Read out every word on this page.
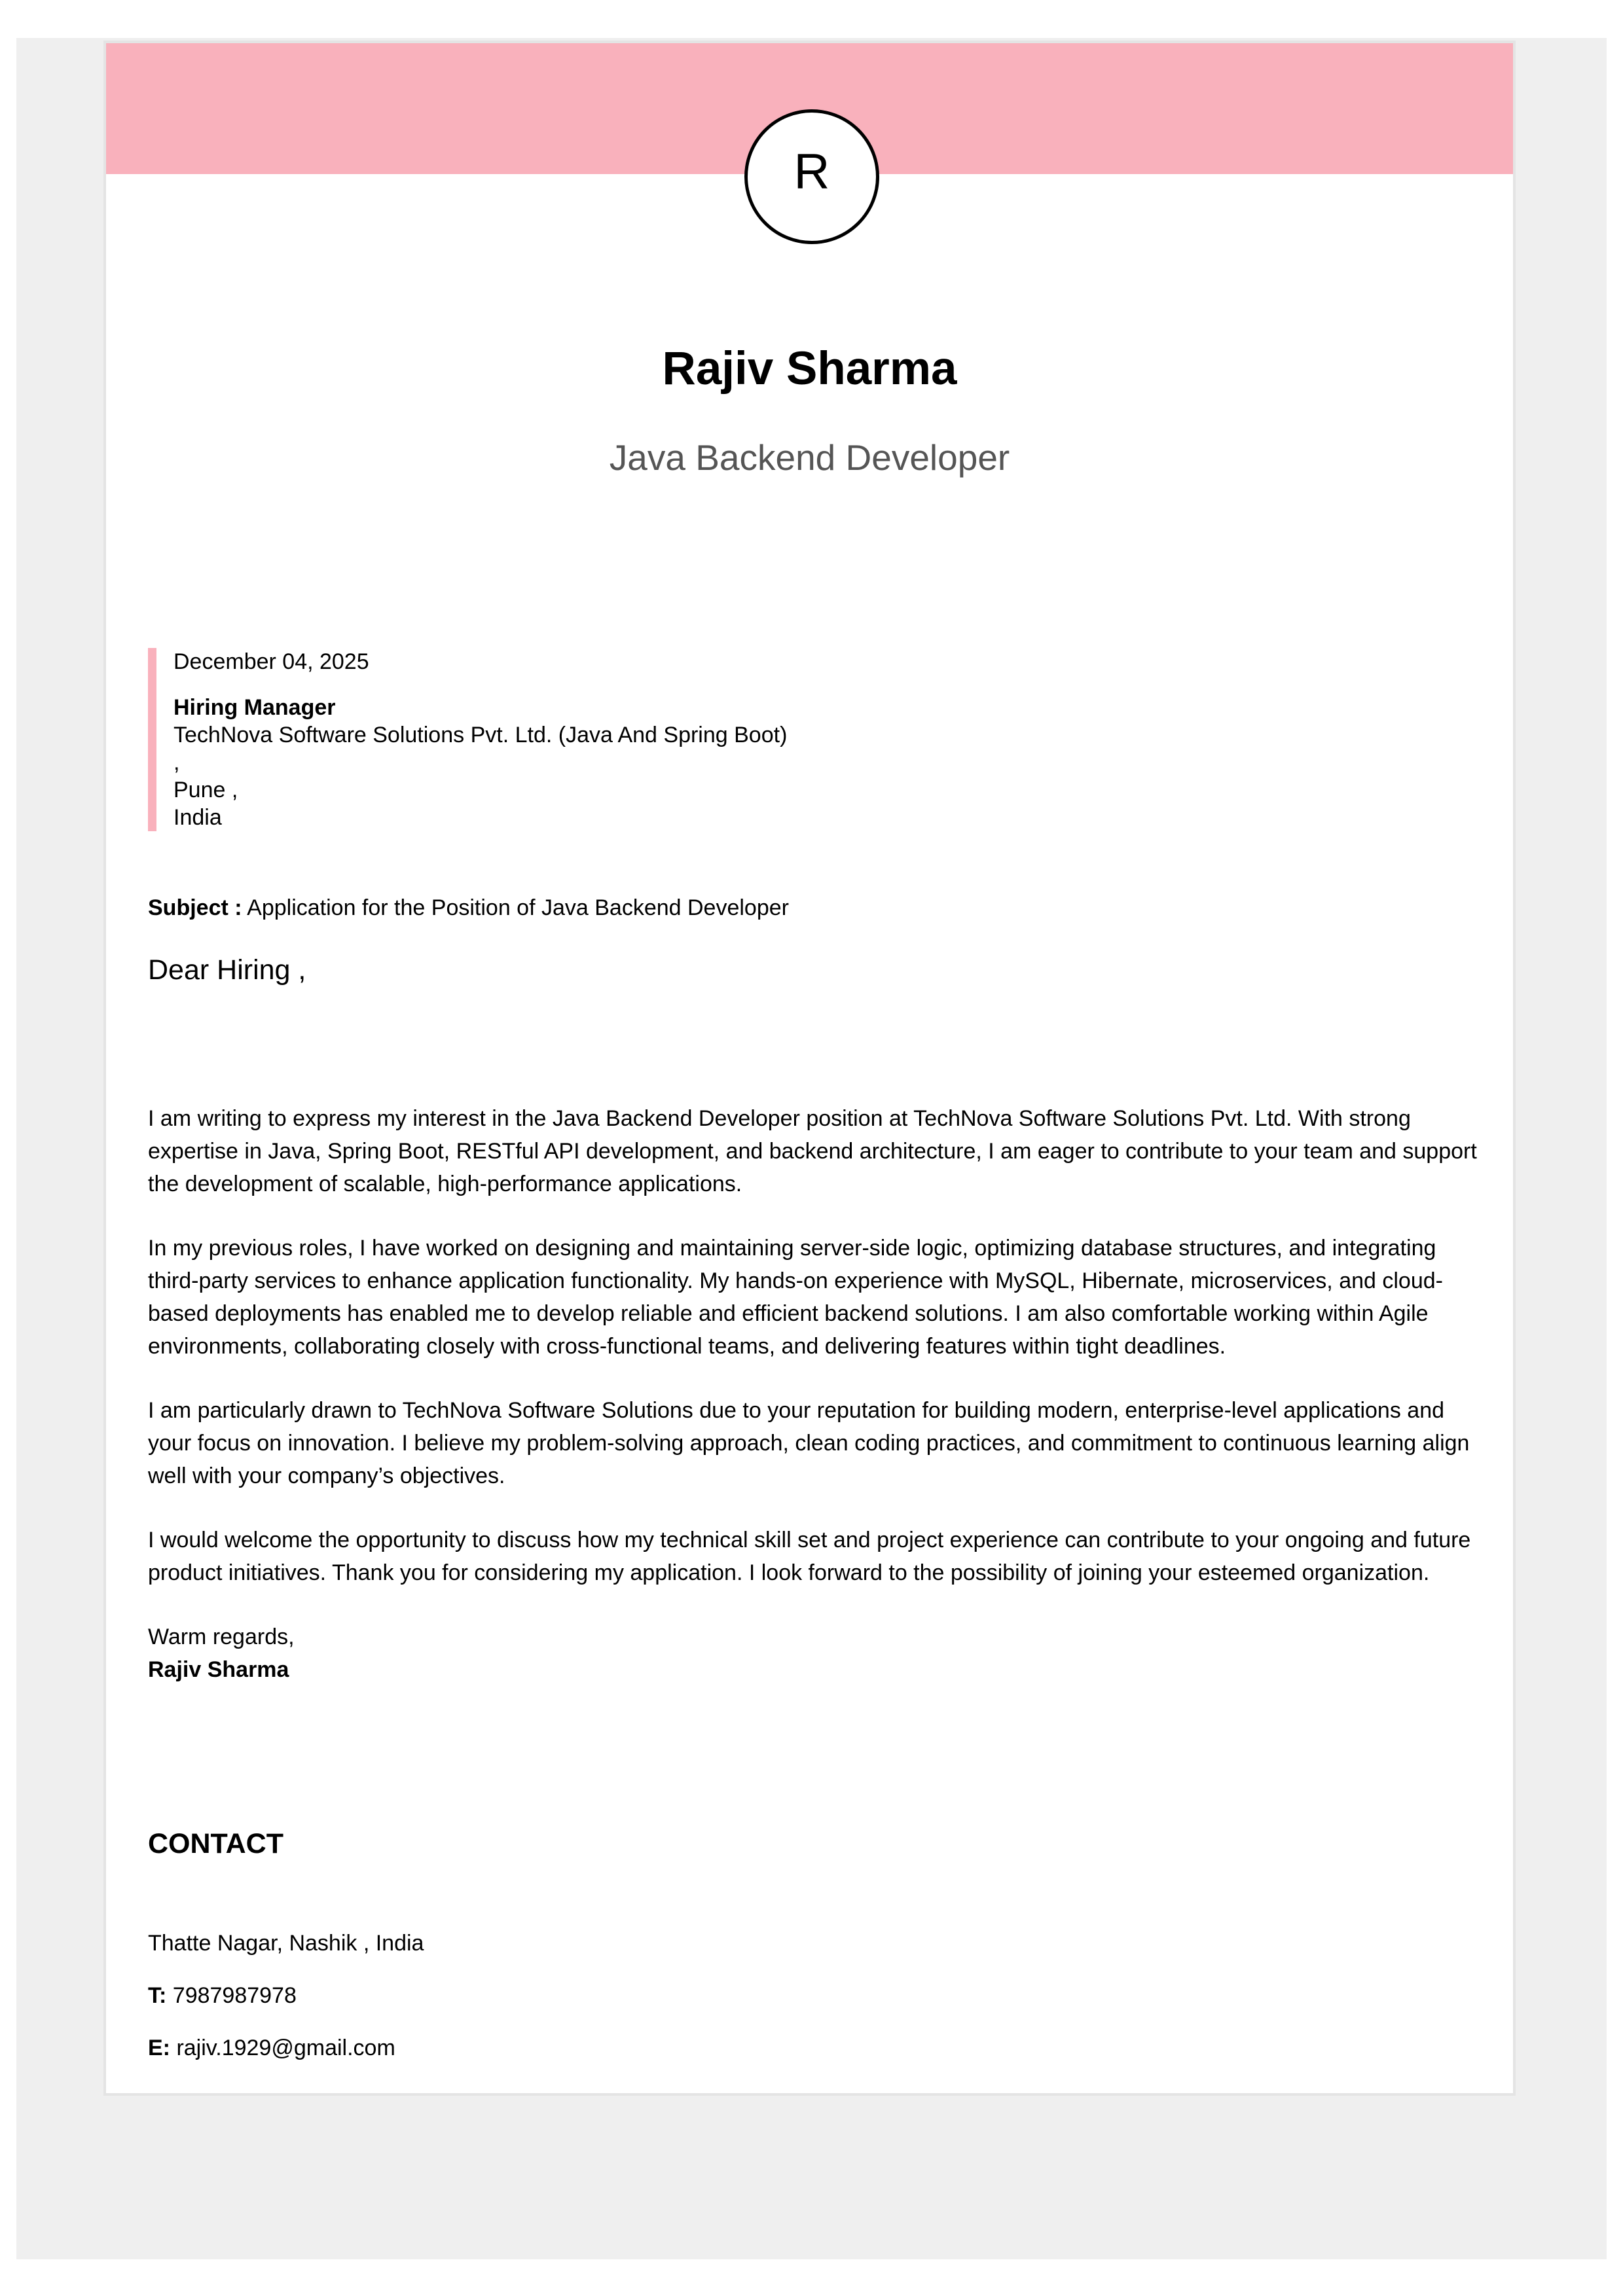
R
Rajiv Sharma
Java Backend Developer
December 04, 2025
Hiring Manager
TechNova Software Solutions Pvt. Ltd. (Java And Spring Boot)
,
Pune ,
India
Subject : Application for the Position of Java Backend Developer
Dear Hiring ,

I am writing to express my interest in the Java Backend Developer position at TechNova Software Solutions Pvt. Ltd. With strong expertise in Java, Spring Boot, RESTful API development, and backend architecture, I am eager to contribute to your team and support the development of scalable, high-performance applications.

In my previous roles, I have worked on designing and maintaining server-side logic, optimizing database structures, and integrating third-party services to enhance application functionality. My hands-on experience with MySQL, Hibernate, microservices, and cloud-based deployments has enabled me to develop reliable and efficient backend solutions. I am also comfortable working within Agile environments, collaborating closely with cross-functional teams, and delivering features within tight deadlines.

I am particularly drawn to TechNova Software Solutions due to your reputation for building modern, enterprise-level applications and your focus on innovation. I believe my problem-solving approach, clean coding practices, and commitment to continuous learning align well with your company’s objectives.

I would welcome the opportunity to discuss how my technical skill set and project experience can contribute to your ongoing and future product initiatives. Thank you for considering my application. I look forward to the possibility of joining your esteemed organization.

Warm regards,
Rajiv Sharma
CONTACT
Thatte Nagar, Nashik , India
T: 7987987978
E: rajiv.1929@gmail.com
